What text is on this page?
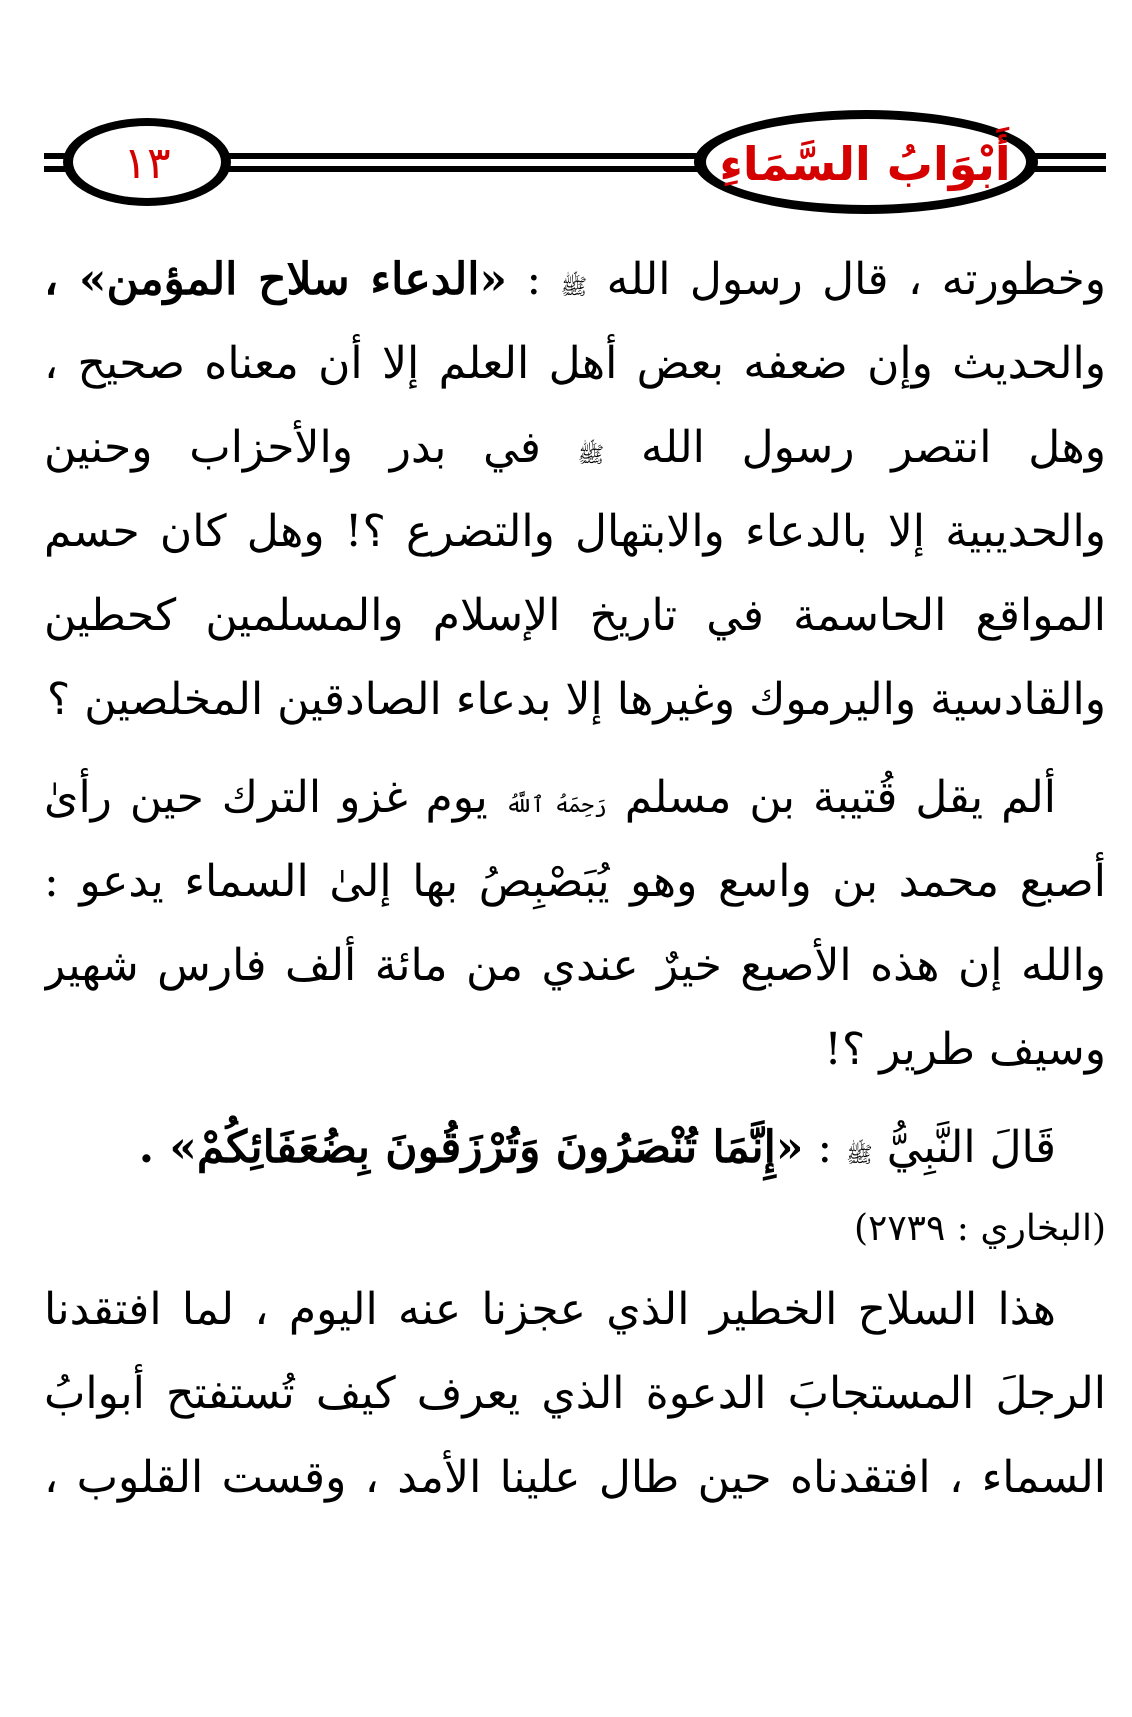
١٣	أَبْوَابُ السَّمَاءِ
وخطورته ، قال رسول الله ﷺ : «الدعاء سلاح المؤمن» ،
والحديث وإن ضعفه بعض أهل العلم إلا أن معناه صحيح ،
وهل انتصر رسول الله ﷺ في بدر والأحزاب وحنين
والحديبية إلا بالدعاء والابتهال والتضرع ؟! وهل كان حسم
المواقع الحاسمة في تاريخ الإسلام والمسلمين كحطين
والقادسية واليرموك وغيرها إلا بدعاء الصادقين المخلصين ؟
ألم يقل قُتيبة بن مسلم رَحِمَهُ ٱللَّهُ يوم غزو الترك حين رأىٰ
أصبع محمد بن واسع وهو يُبَصْبِصُ بها إلىٰ السماء يدعو :
والله إن هذه الأصبع خيرٌ عندي من مائة ألف فارس شهير
وسيف طرير ؟!
قَالَ النَّبِيُّ ﷺ : «إِنَّمَا تُنْصَرُونَ وَتُرْزَقُونَ بِضُعَفَائِكُمْ» .
(البخاري : ٢٧٣٩)
هذا السلاح الخطير الذي عجزنا عنه اليوم ، لما افتقدنا
الرجلَ المستجابَ الدعوة الذي يعرف كيف تُستفتح أبوابُ
السماء ، افتقدناه حين طال علينا الأمد ، وقست القلوب ،
